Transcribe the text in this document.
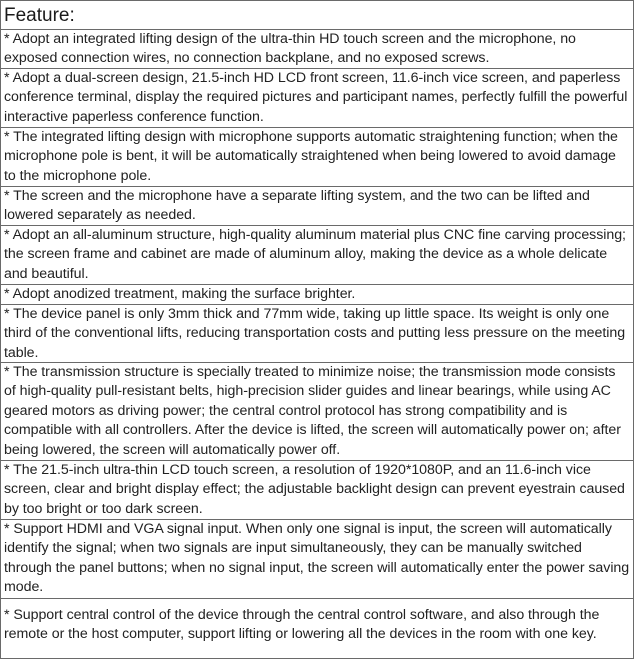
Feature:
* Adopt an integrated lifting design of the ultra-thin HD touch screen and the microphone, no exposed connection wires, no connection backplane, and no exposed screws.
* Adopt a dual-screen design, 21.5-inch HD LCD front screen, 11.6-inch vice screen, and paperless conference terminal, display the required pictures and participant names, perfectly fulfill the powerful interactive paperless conference function.
* The integrated lifting design with microphone supports automatic straightening function; when the microphone pole is bent, it will be automatically straightened when being lowered to avoid damage to the microphone pole.
* The screen and the microphone have a separate lifting system, and the two can be lifted and lowered separately as needed.
* Adopt an all-aluminum structure, high-quality aluminum material plus CNC fine carving processing; the screen frame and cabinet are made of aluminum alloy, making the device as a whole delicate and beautiful.
* Adopt anodized treatment, making the surface brighter.
* The device panel is only 3mm thick and 77mm wide, taking up little space. Its weight is only one third of the conventional lifts, reducing transportation costs and putting less pressure on the meeting table.
* The transmission structure is specially treated to minimize noise; the transmission mode consists of high-quality pull-resistant belts, high-precision slider guides and linear bearings, while using AC geared motors as driving power; the central control protocol has strong compatibility and is compatible with all controllers. After the device is lifted, the screen will automatically power on; after being lowered, the screen will automatically power off.
* The 21.5-inch ultra-thin LCD touch screen, a resolution of 1920*1080P, and an 11.6-inch vice screen, clear and bright display effect; the adjustable backlight design can prevent eyestrain caused by too bright or too dark screen.
* Support HDMI and VGA signal input. When only one signal is input, the screen will automatically identify the signal; when two signals are input simultaneously, they can be manually switched through the panel buttons; when no signal input, the screen will automatically enter the power saving mode.
* Support central control of the device through the central control software, and also through the remote or the host computer, support lifting or lowering all the devices in the room with one key.
